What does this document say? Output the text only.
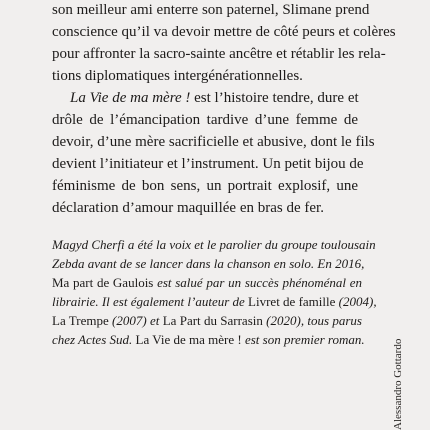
son meilleur ami enterre son paternel, Slimane prend
conscience qu’il va devoir mettre de côté peurs et colères
pour affronter la sacro-sainte ancêtre et rétablir les rela-
tions diplomatiques intergénérationnelles.
La Vie de ma mère ! est l’histoire tendre, dure et
drôle de l’émancipation tardive d’une femme de
devoir, d’une mère sacrificielle et abusive, dont le fils
devient l’initiateur et l’instrument. Un petit bijou de
féminisme de bon sens, un portrait explosif, une
déclaration d’amour maquillée en bras de fer.
Magyd Cherfi a été la voix et le parolier du groupe toulousain
Zebda avant de se lancer dans la chanson en solo. En 2016,
Ma part de Gaulois est salué par un succès phénoménal en
librairie. Il est également l’auteur de Livret de famille (2004),
La Trempe (2007) et La Part du Sarrasin (2020), tous parus
chez Actes Sud. La Vie de ma mère ! est son premier roman. Alessandro Gottardo
